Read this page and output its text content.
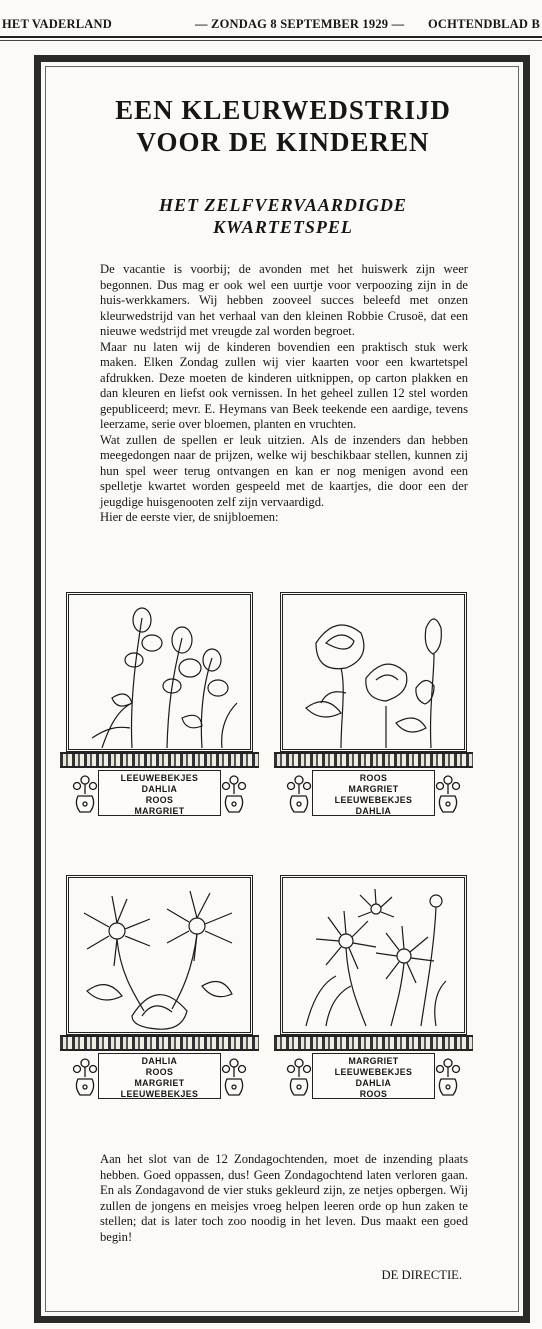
HET VADERLAND	— ZONDAG 8 SEPTEMBER 1929 — OCHTENDBLAD B
EEN KLEURWEDSTRIJD
VOOR DE KINDEREN
HET ZELFVERVAARDIGDE
KWARTETSPEL

De vacantie is voorbij; de avonden met het huiswerk zijn weer begonnen. Dus mag er ook wel een uurtje voor verpoozing zijn in de huis-werkkamers. Wij hebben zooveel succes beleefd met onzen kleurwedstrijd van het verhaal van den kleinen Robbie Crusoë, dat een nieuwe wedstrijd met vreugde zal worden begroet.

Maar nu laten wij de kinderen bovendien een praktisch stuk werk maken. Elken Zondag zullen wij vier kaarten voor een kwartetspel afdrukken. Deze moeten de kinderen uitknippen, op carton plakken en dan kleuren en liefst ook vernissen. In het geheel zullen 12 stel worden gepubliceerd; mevr. E. Heymans van Beek teekende een aardige, tevens leerzame, serie over bloemen, planten en vruchten.

Wat zullen de spellen er leuk uitzien. Als de inzenders dan hebben meegedongen naar de prijzen, welke wij beschikbaar stellen, kunnen zij hun spel weer terug ontvangen en kan er nog menigen avond een spelletje kwartet worden gespeeld met de kaartjes, die door een der jeugdige huisgenooten zelf zijn vervaardigd.

Hier de eerste vier, de snijbloemen:

LEEUWEBEKJES
DAHLIA
ROOS
MARGRIET
ROOS
MARGRIET
LEEUWEBEKJES
DAHLIA
DAHLIA
ROOS
MARGRIET
LEEUWEBEKJES
MARGRIET
LEEUWEBEKJES
DAHLIA
ROOS
Aan het slot van de 12 Zondagochtenden, moet de inzending plaats hebben. Goed oppassen, dus! Geen Zondagochtend laten verloren gaan. En als Zondagavond de vier stuks gekleurd zijn, ze netjes opbergen. Wij zullen de jongens en meisjes vroeg helpen leeren orde op hun zaken te stellen; dat is later toch zoo noodig in het leven. Dus maakt een goed begin!
DE DIRECTIE.
